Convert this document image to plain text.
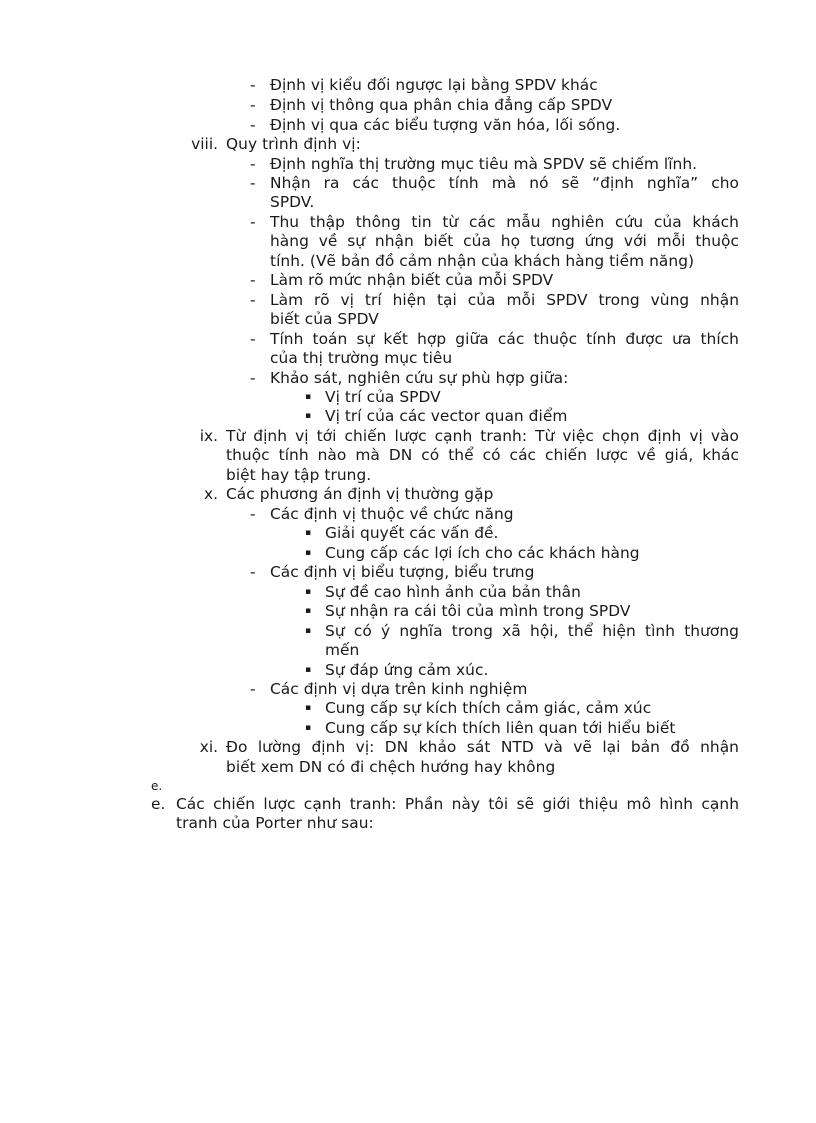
- Định vị kiểu đối ngược lại bằng SPDV khác
- Định vị thông qua phân chia đẳng cấp SPDV
- Định vị qua các biểu tượng văn hóa, lối sống.
viii. Quy trình định vị:
- Định nghĩa thị trường mục tiêu mà SPDV sẽ chiếm lĩnh.
- Nhận ra các thuộc tính mà nó sẽ “định nghĩa” cho
SPDV.
- Thu thập thông tin từ các mẫu nghiên cứu của khách
hàng về sự nhận biết của họ tương ứng với mỗi thuộc
tính. (Vẽ bản đồ cảm nhận của khách hàng tiềm năng)
- Làm rõ mức nhận biết của mỗi SPDV
- Làm rõ vị trí hiện tại của mỗi SPDV trong vùng nhận
biết của SPDV
- Tính toán sự kết hợp giữa các thuộc tính được ưa thích
của thị trường mục tiêu
- Khảo sát, nghiên cứu sự phù hợp giữa:
▪ Vị trí của SPDV
▪ Vị trí của các vector quan điểm
ix. Từ định vị tới chiến lược cạnh tranh: Từ việc chọn định vị vào
thuộc tính nào mà DN có thể có các chiến lược về giá, khác
biệt hay tập trung.
x. Các phương án định vị thường gặp
- Các định vị thuộc về chức năng
▪ Giải quyết các vấn đề.
▪ Cung cấp các lợi ích cho các khách hàng
- Các định vị biểu tượng, biểu trưng
▪ Sự đề cao hình ảnh của bản thân
▪ Sự nhận ra cái tôi của mình trong SPDV
▪ Sự có ý nghĩa trong xã hội, thể hiện tình thương
mến
▪ Sự đáp ứng cảm xúc.
- Các định vị dựa trên kinh nghiệm
▪ Cung cấp sự kích thích cảm giác, cảm xúc
▪ Cung cấp sự kích thích liên quan tới hiểu biết
xi. Đo lường định vị: DN khảo sát NTD và vẽ lại bản đồ nhận
biết xem DN có đi chệch hướng hay không
e.
e. Các chiến lược cạnh tranh: Phần này tôi sẽ giới thiệu mô hình cạnh
tranh của Porter như sau:
